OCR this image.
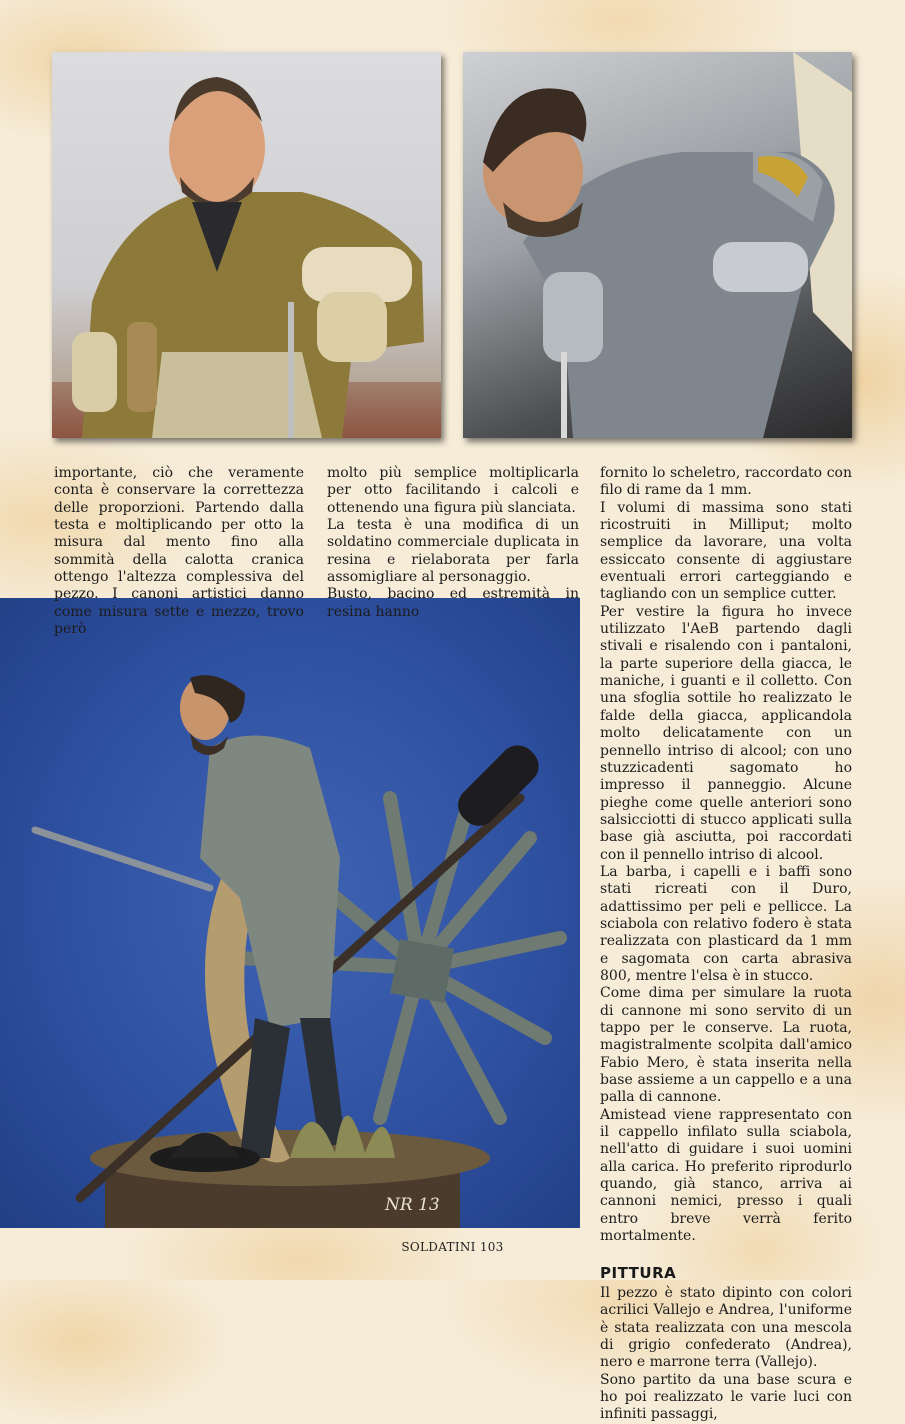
NR 13

importante, ciò che veramente conta è conservare la correttezza delle proporzioni. Partendo dalla testa e moltiplicando per otto la misura dal mento fino alla sommità della calotta cranica ottengo l'altezza complessiva del pezzo. I canoni artistici danno come misura sette e mezzo, trovo però

molto più semplice moltiplicarla per otto facilitando i calcoli e ottenendo una figura più slanciata.

La testa è una modifica di un soldatino commerciale duplicata in resina e rielaborata per farla assomigliare al personaggio.

Busto, bacino ed estremità in resina hanno

fornito lo scheletro, raccordato con filo di rame da 1 mm.

I volumi di massima sono stati ricostruiti in Milliput; molto semplice da lavorare, una volta essiccato consente di aggiustare eventuali errori carteggiando e tagliando con un semplice cutter.

Per vestire la figura ho invece utilizzato l'AeB partendo dagli stivali e risalendo con i pantaloni, la parte superiore della giacca, le maniche, i guanti e il colletto. Con una sfoglia sottile ho realizzato le falde della giacca, applicandola molto delicatamente con un pennello intriso di alcool; con uno stuzzicadenti sagomato ho impresso il panneggio. Alcune pieghe come quelle anteriori sono salsicciotti di stucco applicati sulla base già asciutta, poi raccordati con il pennello intriso di alcool.

La barba, i capelli e i baffi sono stati ricreati con il Duro, adattissimo per peli e pellicce. La sciabola con relativo fodero è stata realizzata con plasticard da 1 mm e sagomata con carta abrasiva 800, mentre l'elsa è in stucco.

Come dima per simulare la ruota di cannone mi sono servito di un tappo per le conserve. La ruota, magistralmente scolpita dall'amico Fabio Mero, è stata inserita nella base assieme a un cappello e a una palla di cannone.

Amistead viene rappresentato con il cappello infilato sulla sciabola, nell'atto di guidare i suoi uomini alla carica. Ho preferito riprodurlo quando, già stanco, arriva ai cannoni nemici, presso i quali entro breve verrà ferito mortalmente.

PITTURA

Il pezzo è stato dipinto con colori acrilici Vallejo e Andrea, l'uniforme è stata realizzata con una mescola di grigio confederato (Andrea), nero e marrone terra (Vallejo).

Sono partito da una base scura e ho poi realizzato le varie luci con infiniti passaggi,

SOLDATINI 103
